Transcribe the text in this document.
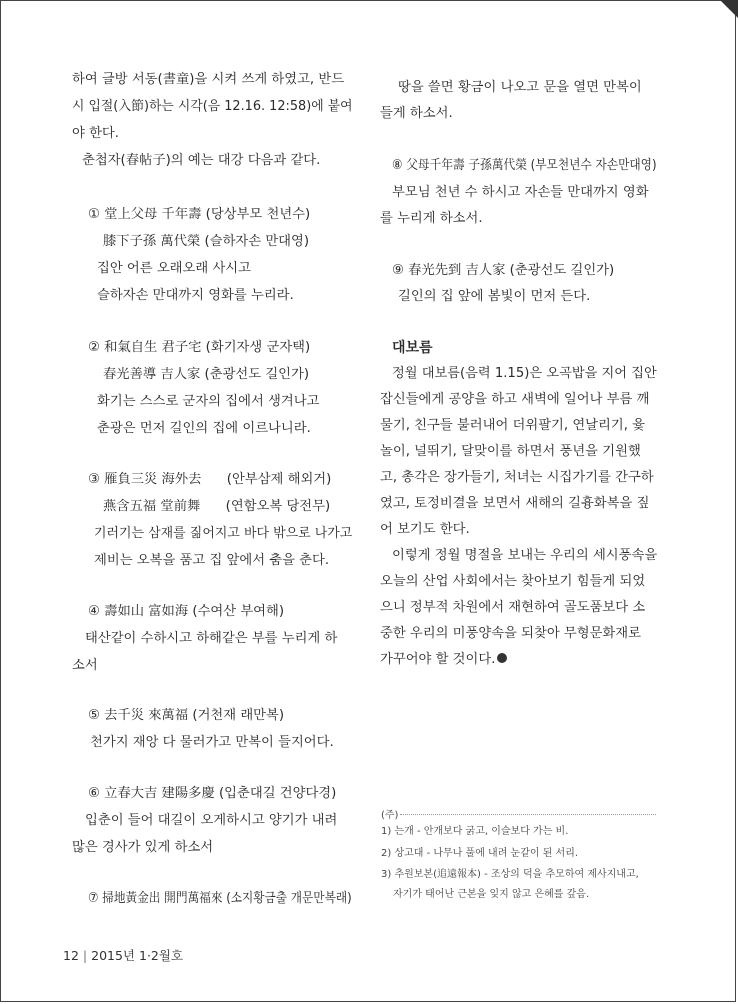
하여 글방 서동(書童)을 시켜 쓰게 하였고, 반드
시 입절(入節)하는 시각(음 12.16. 12:58)에 붙여
야 한다.
춘첩자(春帖子)의 예는 대강 다음과 같다.
① 堂上父母 千年壽 (당상부모 천년수)
膝下子孫 萬代榮 (슬하자손 만대영)
집안 어른 오래오래 사시고
슬하자손 만대까지 영화를 누리라.
② 和氣自生 君子宅 (화기자생 군자택)
春光善導 吉人家 (춘광선도 길인가)
화기는 스스로 군자의 집에서 생겨나고
춘광은 먼저 길인의 집에 이르나니라.
③ 雁負三災 海外去      (안부삼제 해외거)
燕含五福 堂前舞      (연함오복 당전무)
기러기는 삼재를 짊어지고 바다 밖으로 나가고
제비는 오복을 품고 집 앞에서 춤을 춘다.
④ 壽如山 富如海 (수여산 부여해)
태산같이 수하시고 하해같은 부를 누리게 하
소서
⑤ 去千災 來萬福 (거천재 래만복)
천가지 재앙 다 물러가고 만복이 들지어다.
⑥ 立春大吉 建陽多慶 (입춘대길 건양다경)
입춘이 들어 대길이 오게하시고 양기가 내려
많은 경사가 있게 하소서
⑦ 掃地黃金出 開門萬福來 (소지황금출 개문만복래)
땅을 쓸면 황금이 나오고 문을 열면 만복이
들게 하소서.
⑧ 父母千年壽 子孫萬代榮 (부모천년수 자손만대영)
부모님 천년 수 하시고 자손들 만대까지 영화
를 누리게 하소서.
⑨ 春光先到 吉人家 (춘광선도 길인가)
길인의 집 앞에 봄빛이 먼저 든다.
대보름
정월 대보름(음력 1.15)은 오곡밥을 지어 집안
잡신들에게 공양을 하고 새벽에 일어나 부름 깨
물기, 친구들 불러내어 더위팔기, 연날리기, 윷
놀이, 널뛰기, 달맞이를 하면서 풍년을 기원했
고, 총각은 장가들기, 처녀는 시집가기를 간구하
였고, 토정비결을 보면서 새해의 길흉화복을 짚
어 보기도 한다.
이렇게 정월 명절을 보내는 우리의 세시풍속을
오늘의 산업 사회에서는 찾아보기 힘들게 되었
으니 정부적 차원에서 재현하여 골도품보다 소
중한 우리의 미풍양속을 되찾아 무형문화재로
가꾸어야 할 것이다.
(주)
1) 는개 - 안개보다 굵고, 이슬보다 가는 비.
2) 상고대 - 나무나 풀에 내려 눈같이 된 서리.
3) 추원보본(追遠報本) - 조상의 덕을 추모하여 제사지내고,
자기가 태어난 근본을 잊지 않고 은혜를 갚음.
12 | 2015년 1·2월호
